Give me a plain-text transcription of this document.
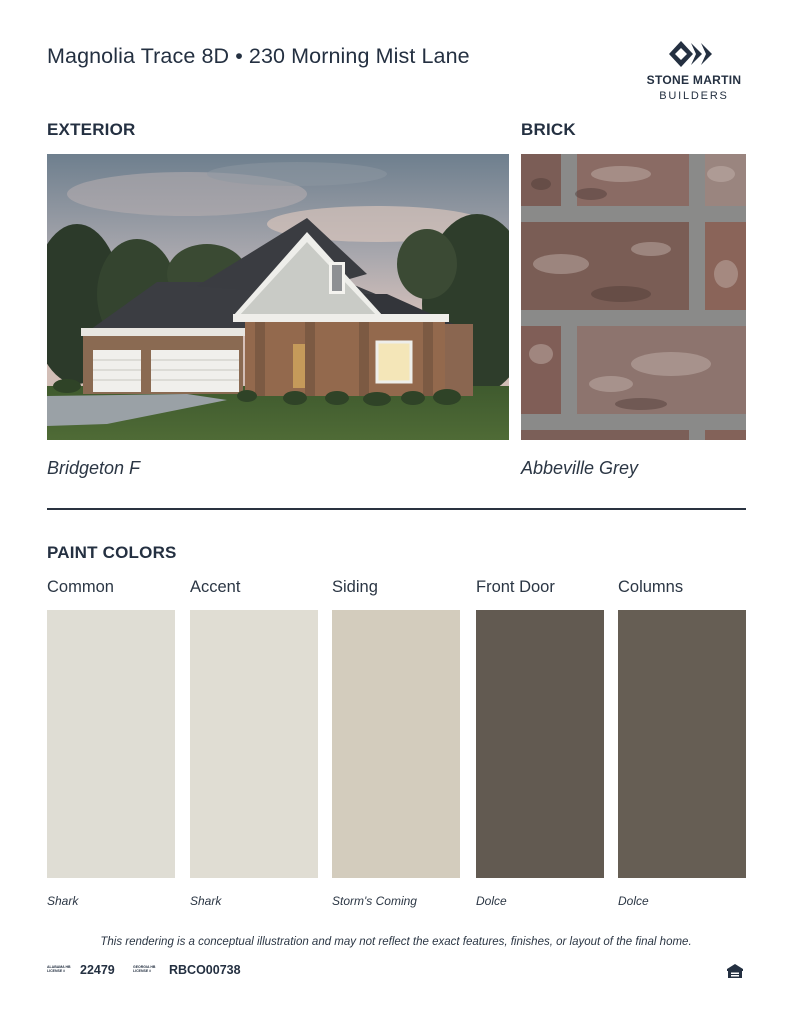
Magnolia Trace 8D • 230 Morning Mist Lane
STONE MARTIN
BUILDERS
EXTERIOR	BRICK
Bridgeton F	Abbeville Grey
PAINT COLORS
Common	Accent	Siding	Front Door	Columns
Shark	Shark	Storm's Coming	Dolce	Dolce
This rendering is a conceptual illustration and may not reflect the exact features, finishes, or layout of the final home.
ALABAMA HB LICENSE #	22479	GEORGIA HB LICENSE #	RBCO00738
